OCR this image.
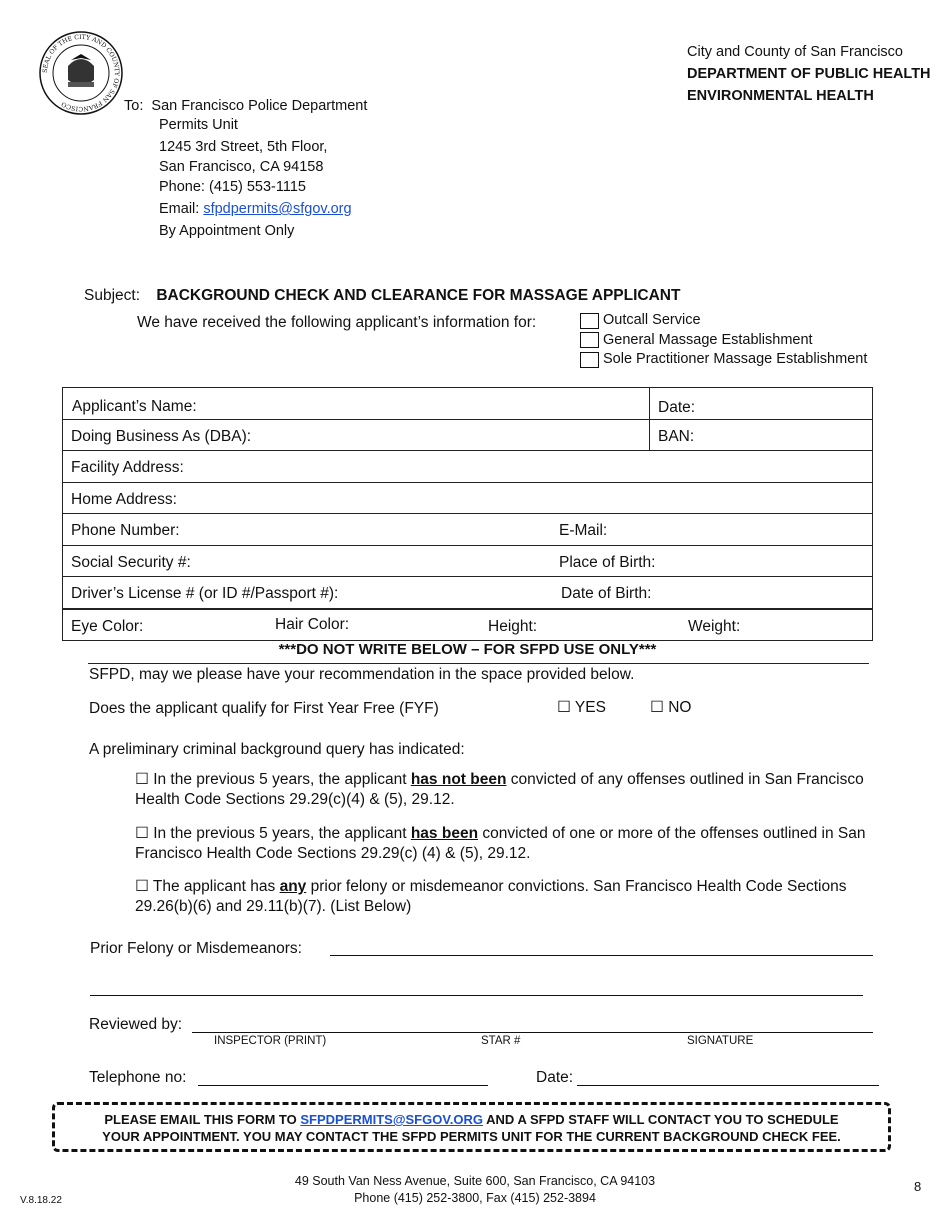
SEAL OF THE CITY AND COUNTY OF SAN FRANCISCO
City and County of San Francisco
DEPARTMENT OF PUBLIC HEALTH
ENVIRONMENTAL HEALTH
To: San Francisco Police Department
Permits Unit
1245 3rd Street, 5th Floor,
San Francisco, CA 94158
Phone: (415) 553-1115
Email: sfpdpermits@sfgov.org
By Appointment Only
Subject: BACKGROUND CHECK AND CLEARANCE FOR MASSAGE APPLICANT
We have received the following applicant’s information for:	Outcall Service
General Massage Establishment
Sole Practitioner Massage Establishment
Applicant’s Name:	Date:
Doing Business As (DBA):	BAN:
Facility Address:
Home Address:
Phone Number:	E-Mail:
Social Security #:	Place of Birth:
Driver’s License # (or ID #/Passport #):	Date of Birth:
Eye Color:	Hair Color:	Height:	Weight:
***DO NOT WRITE BELOW – FOR SFPD USE ONLY***
SFPD, may we please have your recommendation in the space provided below.
Does the applicant qualify for First Year Free (FYF)	☐ YES	☐ NO
A preliminary criminal background query has indicated:
☐ In the previous 5 years, the applicant has not been convicted of any offenses outlined in San Francisco Health Code Sections 29.29(c)(4) & (5), 29.12.
☐ In the previous 5 years, the applicant has been convicted of one or more of the offenses outlined in San Francisco Health Code Sections 29.29(c) (4) & (5), 29.12.
☐ The applicant has any prior felony or misdemeanor convictions. San Francisco Health Code Sections 29.26(b)(6) and 29.11(b)(7). (List Below)
Prior Felony or Misdemeanors:
Reviewed by:
INSPECTOR (PRINT)	STAR #	SIGNATURE
Telephone no:	Date:
PLEASE EMAIL THIS FORM TO SFPDPERMITS@SFGOV.ORG AND A SFPD STAFF WILL CONTACT YOU TO SCHEDULE
YOUR APPOINTMENT. YOU MAY CONTACT THE SFPD PERMITS UNIT FOR THE CURRENT BACKGROUND CHECK FEE.
49 South Van Ness Avenue, Suite 600, San Francisco, CA 94103
Phone (415) 252-3800, Fax (415) 252-3894
V.8.18.22
8
